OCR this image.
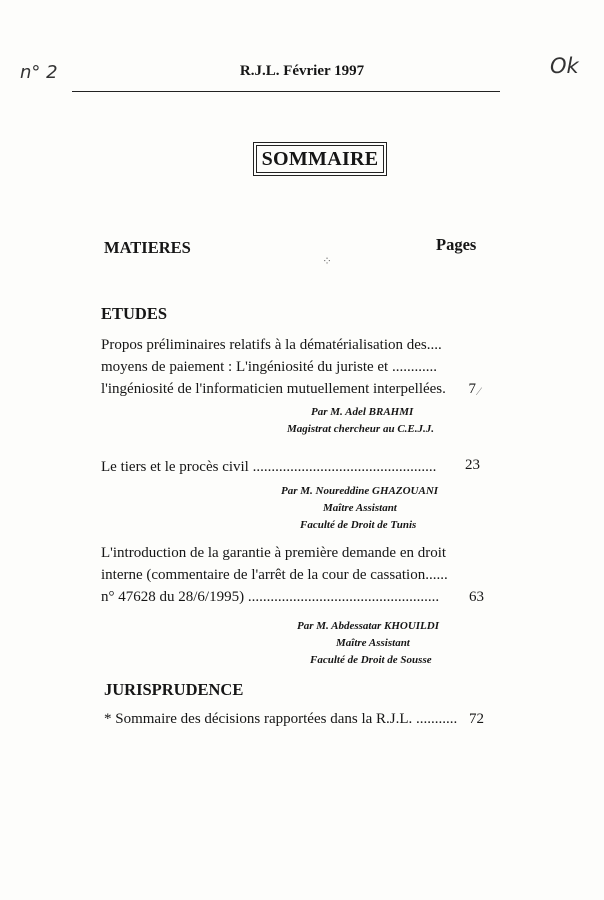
n° 2	Ok
R.J.L. Février 1997
SOMMAIRE
MATIERES	Pages
⁘
ETUDES
Propos préliminaires relatifs à la dématérialisation des....
moyens de paiement : L'ingéniosité du juriste et ............
l'ingéniosité de l'informaticien mutuellement interpellées.	7 ⁄
Par M. Adel BRAHMI
Magistrat chercheur au C.E.J.J.
Le tiers et le procès civil .................................................	23
Par M. Noureddine GHAZOUANI
Maître Assistant
Faculté de Droit de Tunis
L'introduction de la garantie à première demande en droit
interne (commentaire de l'arrêt de la cour de cassation......
n° 47628 du 28/6/1995) ...................................................	63
Par M. Abdessatar KHOUILDI
Maître Assistant
Faculté de Droit de Sousse
JURISPRUDENCE
* Sommaire des décisions rapportées dans la R.J.L. ........... 72
